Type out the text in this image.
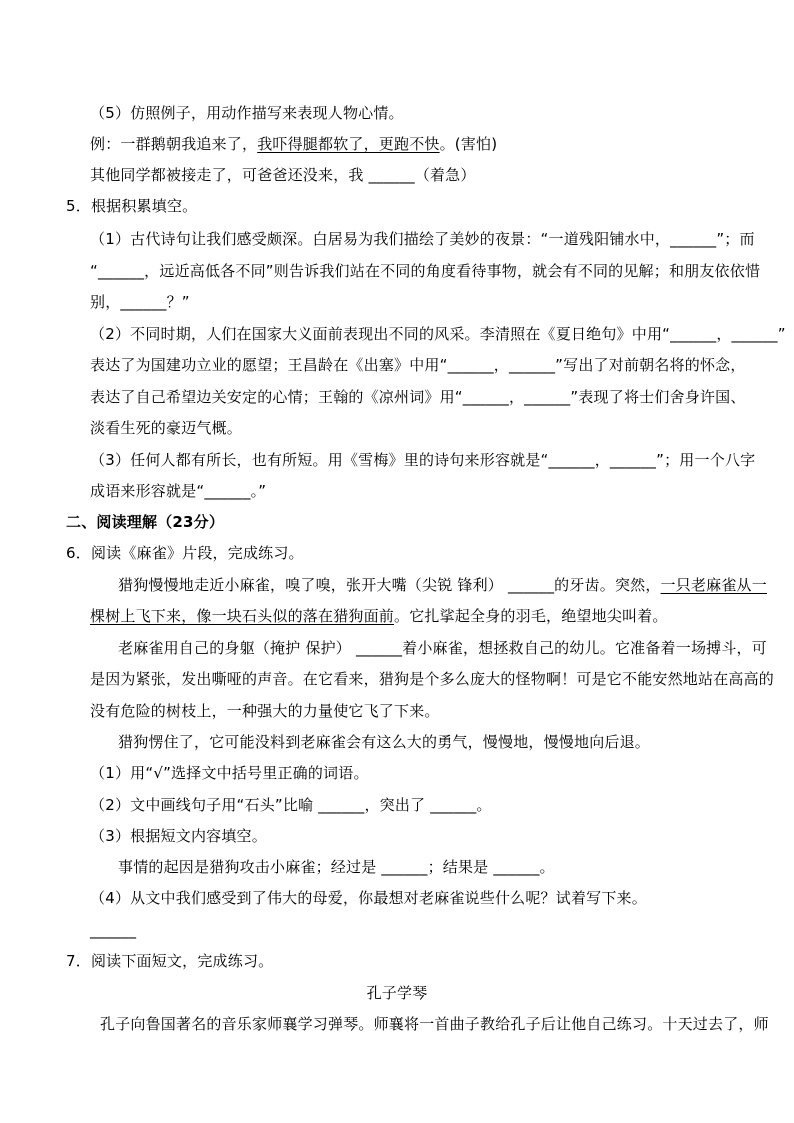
（5）仿照例子，用动作描写来表现人物心情。
例：一群鹅朝我追来了，我吓得腿都软了，更跑不快。(害怕)
其他同学都被接走了，可爸爸还没来，我 ______（着急）
5．根据积累填空。
（1）古代诗句让我们感受颇深。白居易为我们描绘了美妙的夜景：“一道残阳铺水中，______”；而
“______，远近高低各不同”则告诉我们站在不同的角度看待事物，就会有不同的见解；和朋友依依惜
别，______？”
（2）不同时期，人们在国家大义面前表现出不同的风采。李清照在《夏日绝句》中用“______，______”
表达了为国建功立业的愿望；王昌龄在《出塞》中用“______，______”写出了对前朝名将的怀念，
表达了自己希望边关安定的心情；王翰的《凉州词》用“______，______”表现了将士们舍身许国、
淡看生死的豪迈气概。
（3）任何人都有所长，也有所短。用《雪梅》里的诗句来形容就是“______，______”；用一个八字
成语来形容就是“______。”
二、阅读理解（23分）
6．阅读《麻雀》片段，完成练习。
猎狗慢慢地走近小麻雀，嗅了嗅，张开大嘴（尖锐 锋利） ______的牙齿。突然，一只老麻雀从一
棵树上飞下来，像一块石头似的落在猎狗面前。它扎挲起全身的羽毛，绝望地尖叫着。
老麻雀用自己的身躯（掩护 保护） ______着小麻雀，想拯救自己的幼儿。它准备着一场搏斗，可
是因为紧张，发出嘶哑的声音。在它看来，猎狗是个多么庞大的怪物啊！可是它不能安然地站在高高的
没有危险的树枝上，一种强大的力量使它飞了下来。
猎狗愣住了，它可能没料到老麻雀会有这么大的勇气，慢慢地，慢慢地向后退。
（1）用“√”选择文中括号里正确的词语。
（2）文中画线句子用“石头”比喻 ______，突出了 ______。
（3）根据短文内容填空。
事情的起因是猎狗攻击小麻雀；经过是 ______；结果是 ______。
（4）从文中我们感受到了伟大的母爱，你最想对老麻雀说些什么呢？试着写下来。
______
7．阅读下面短文，完成练习。
孔子学琴
孔子向鲁国著名的音乐家师襄学习弹琴。师襄将一首曲子教给孔子后让他自己练习。十天过去了，师
